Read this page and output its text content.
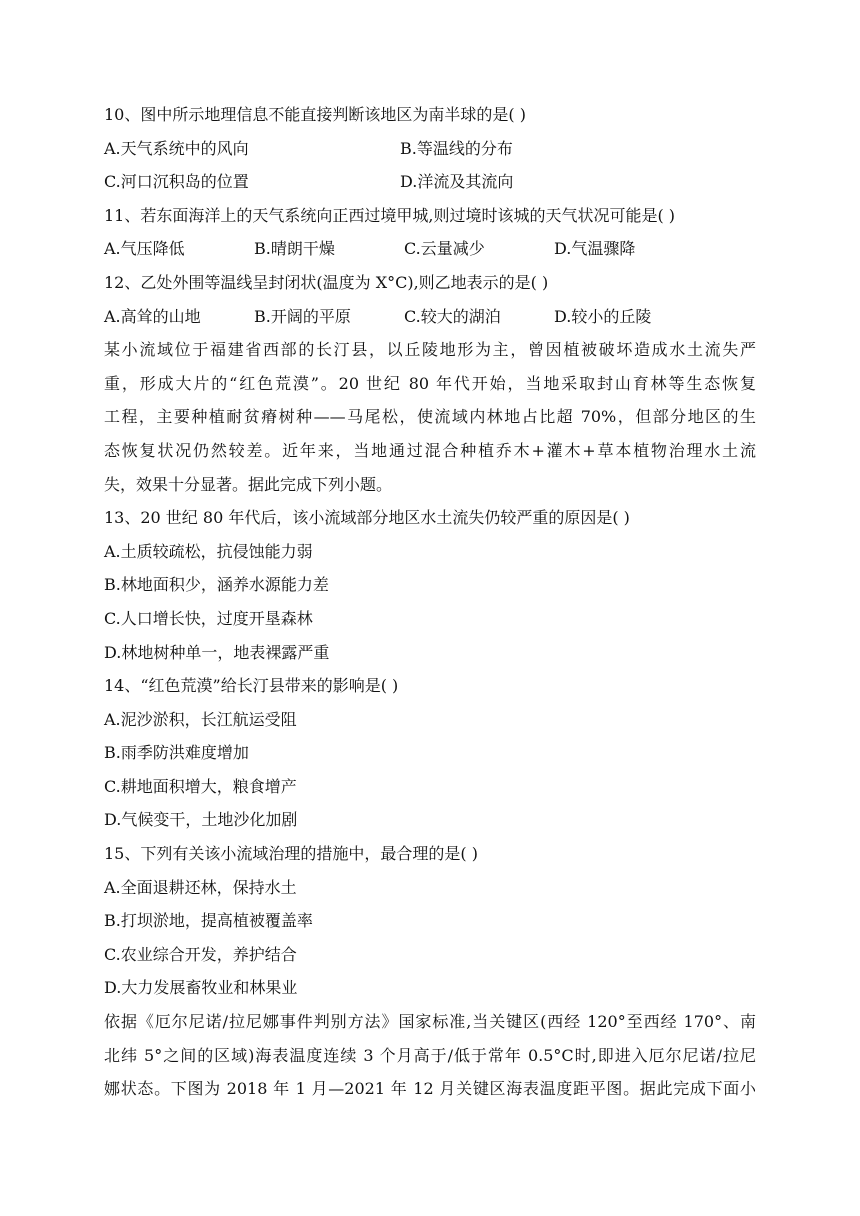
10、图中所示地理信息不能直接判断该地区为南半球的是( )
A.天气系统中的风向	B.等温线的分布
C.河口沉积岛的位置	D.洋流及其流向
11、若东面海洋上的天气系统向正西过境甲城,则过境时该城的天气状况可能是( )
A.气压降低	B.晴朗干燥	C.云量减少	D.气温骤降
12、乙处外围等温线呈封闭状(温度为 X°C),则乙地表示的是( )
A.高耸的山地	B.开阔的平原	C.较大的湖泊	D.较小的丘陵
某小流域位于福建省西部的长汀县，以丘陵地形为主，曾因植被破坏造成水土流失严
重，形成大片的“红色荒漠”。20 世纪 80 年代开始，当地采取封山育林等生态恢复
工程，主要种植耐贫瘠树种——马尾松，使流域内林地占比超 70%，但部分地区的生
态恢复状况仍然较差。近年来，当地通过混合种植乔木+灌木+草本植物治理水土流
失，效果十分显著。据此完成下列小题。
13、20 世纪 80 年代后，该小流域部分地区水土流失仍较严重的原因是( )
A.土质较疏松，抗侵蚀能力弱
B.林地面积少，涵养水源能力差
C.人口增长快，过度开垦森林
D.林地树种单一，地表裸露严重
14、“红色荒漠”给长汀县带来的影响是( )
A.泥沙淤积，长江航运受阻
B.雨季防洪难度增加
C.耕地面积增大，粮食增产
D.气候变干，土地沙化加剧
15、下列有关该小流域治理的措施中，最合理的是( )
A.全面退耕还林，保持水土
B.打坝淤地，提高植被覆盖率
C.农业综合开发，养护结合
D.大力发展畜牧业和林果业
依据《厄尔尼诺/拉尼娜事件判别方法》国家标准,当关键区(西经 120°至西经 170°、南
北纬 5°之间的区域)海表温度连续 3 个月高于/低于常年 0.5°C时,即进入厄尔尼诺/拉尼
娜状态。下图为 2018 年 1 月—2021 年 12 月关键区海表温度距平图。据此完成下面小
